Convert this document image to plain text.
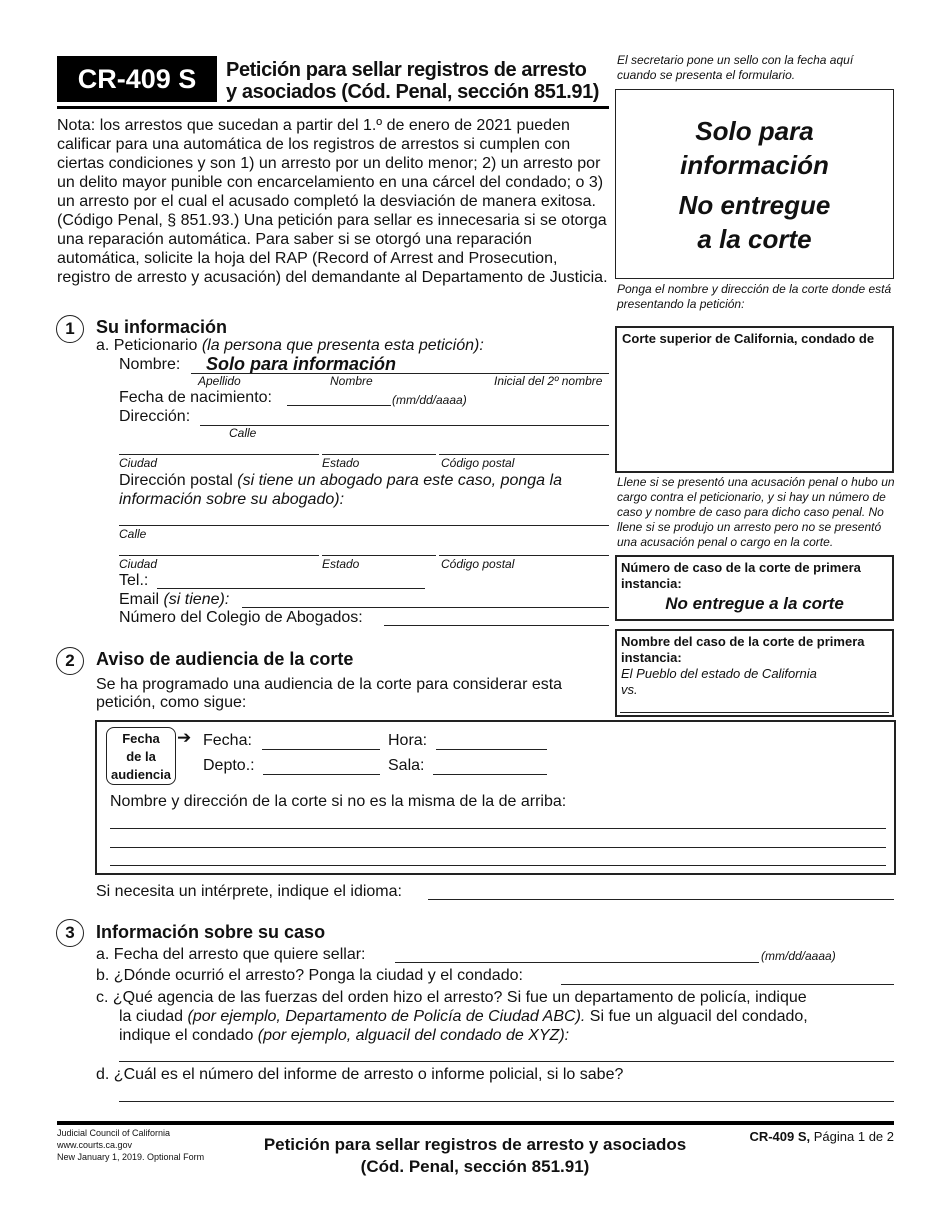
CR-409 S	Petición para sellar registros de arresto
y asociados (Cód. Penal, sección 851.91)
El secretario pone un sello con la fecha aquí cuando se presenta el formulario.
Solo para
información
No entregue
a la corte
Nota: los arrestos que sucedan a partir del 1.º de enero de 2021 pueden calificar para una automática de los registros de arrestos si cumplen con ciertas condiciones y son 1) un arresto por un delito menor; 2) un arresto por un delito mayor punible con encarcelamiento en una cárcel del condado; o 3) un arresto por el cual el acusado completó la desviación de manera exitosa. (Código Penal, § 851.93.) Una petición para sellar es innecesaria si se otorga una reparación automática. Para saber si se otorgó una reparación automática, solicite la hoja del RAP (Record of Arrest and Prosecution, registro de arresto y acusación) del demandante al Departamento de Justicia.
Ponga el nombre y dirección de la corte donde está presentando la petición:
Corte superior de California, condado de
Llene si se presentó una acusación penal o hubo un cargo contra el peticionario, y si hay un número de caso y nombre de caso para dicho caso penal. No llene si se produjo un arresto pero no se presentó una acusación penal o cargo en la corte.
Número de caso de la corte de primera instancia:
No entregue a la corte
Nombre del caso de la corte de primera instancia:
El Pueblo del estado de California
vs.
1	Su información
a. Peticionario (la persona que presenta esta petición):
Nombre: Solo para información
Apellido	Nombre	Inicial del 2º nombre
Fecha de nacimiento:	(mm/dd/aaaa)
Dirección:
Calle
Ciudad	Estado	Código postal
Dirección postal (si tiene un abogado para este caso, ponga la
información sobre su abogado):
Calle
Ciudad	Estado	Código postal
Tel.:
Email (si tiene):
Número del Colegio de Abogados:
2	Aviso de audiencia de la corte
Se ha programado una audiencia de la corte para considerar esta
petición, como sigue:
Fecha
de la
audiencia
➔ Fecha:	Hora:
Depto.:	Sala:
Nombre y dirección de la corte si no es la misma de la de arriba:
Si necesita un intérprete, indique el idioma:
3	Información sobre su caso
a. Fecha del arresto que quiere sellar:	(mm/dd/aaaa)
b. ¿Dónde ocurrió el arresto? Ponga la ciudad y el condado:
c. ¿Qué agencia de las fuerzas del orden hizo el arresto? Si fue un departamento de policía, indique
la ciudad (por ejemplo, Departamento de Policía de Ciudad ABC). Si fue un alguacil del condado,
indique el condado (por ejemplo, alguacil del condado de XYZ):
d. ¿Cuál es el número del informe de arresto o informe policial, si lo sabe?
Judicial Council of California
www.courts.ca.gov
New January 1, 2019. Optional Form
Petición para sellar registros de arresto y asociados
(Cód. Penal, sección 851.91)
CR-409 S, Página 1 de 2
